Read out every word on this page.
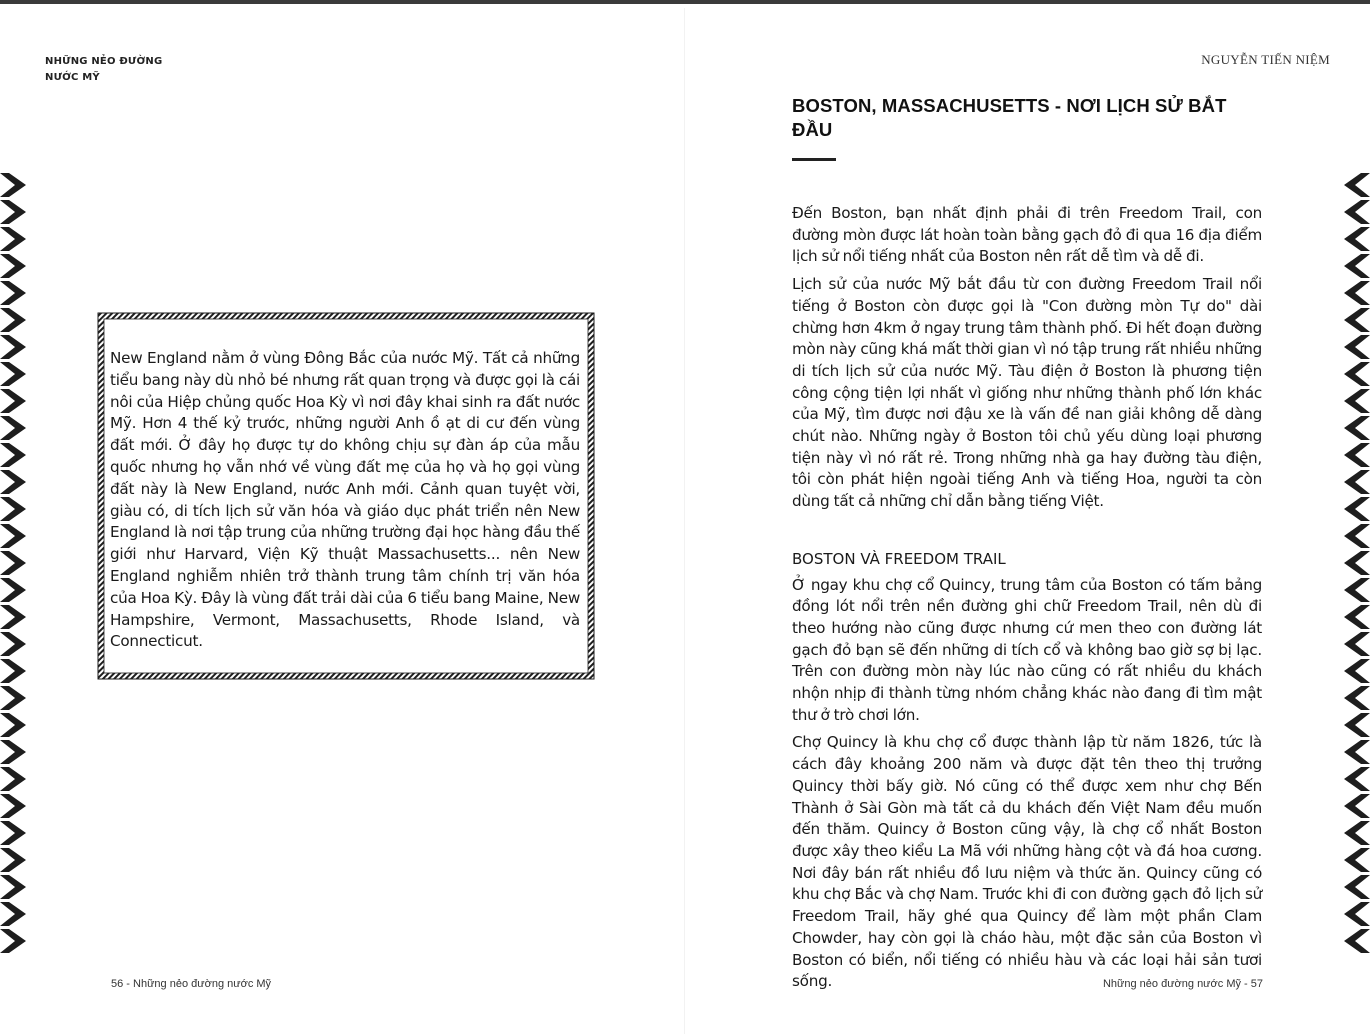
NHỮNG NẺO ĐƯỜNG
NƯỚC MỸ
New England nằm ở vùng Đông Bắc của nước Mỹ. Tất cả những tiểu bang này dù nhỏ bé nhưng rất quan trọng và được gọi là cái nôi của Hiệp chủng quốc Hoa Kỳ vì nơi đây khai sinh ra đất nước Mỹ. Hơn 4 thế kỷ trước, những người Anh ồ ạt di cư đến vùng đất mới. Ở đây họ được tự do không chịu sự đàn áp của mẫu quốc nhưng họ vẫn nhớ về vùng đất mẹ của họ và họ gọi vùng đất này là New England, nước Anh mới. Cảnh quan tuyệt vời, giàu có, di tích lịch sử văn hóa và giáo dục phát triển nên New England là nơi tập trung của những trường đại học hàng đầu thế giới như Harvard, Viện Kỹ thuật Massachusetts... nên New England nghiễm nhiên trở thành trung tâm chính trị văn hóa của Hoa Kỳ. Đây là vùng đất trải dài của 6 tiểu bang Maine, New Hampshire, Vermont, Massachusetts, Rhode Island, và Connecticut.
56 - Những nẻo đường nước Mỹ
NGUYỄN TIẾN NIỆM
BOSTON, MASSACHUSETTS - NƠI LỊCH SỬ BẮT ĐẦU

Đến Boston, bạn nhất định phải đi trên Freedom Trail, con đường mòn được lát hoàn toàn bằng gạch đỏ đi qua 16 địa điểm lịch sử nổi tiếng nhất của Boston nên rất dễ tìm và dễ đi.

Lịch sử của nước Mỹ bắt đầu từ con đường Freedom Trail nổi tiếng ở Boston còn được gọi là "Con đường mòn Tự do" dài chừng hơn 4km ở ngay trung tâm thành phố. Đi hết đoạn đường mòn này cũng khá mất thời gian vì nó tập trung rất nhiều những di tích lịch sử của nước Mỹ. Tàu điện ở Boston là phương tiện công cộng tiện lợi nhất vì giống như những thành phố lớn khác của Mỹ, tìm được nơi đậu xe là vấn đề nan giải không dễ dàng chút nào. Những ngày ở Boston tôi chủ yếu dùng loại phương tiện này vì nó rất rẻ. Trong những nhà ga hay đường tàu điện, tôi còn phát hiện ngoài tiếng Anh và tiếng Hoa, người ta còn dùng tất cả những chỉ dẫn bằng tiếng Việt.

BOSTON VÀ FREEDOM TRAIL

Ở ngay khu chợ cổ Quincy, trung tâm của Boston có tấm bảng đồng lót nổi trên nền đường ghi chữ Freedom Trail, nên dù đi theo hướng nào cũng được nhưng cứ men theo con đường lát gạch đỏ bạn sẽ đến những di tích cổ và không bao giờ sợ bị lạc. Trên con đường mòn này lúc nào cũng có rất nhiều du khách nhộn nhịp đi thành từng nhóm chẳng khác nào đang đi tìm mật thư ở trò chơi lớn.

Chợ Quincy là khu chợ cổ được thành lập từ năm 1826, tức là cách đây khoảng 200 năm và được đặt tên theo thị trưởng Quincy thời bấy giờ. Nó cũng có thể được xem như chợ Bến Thành ở Sài Gòn mà tất cả du khách đến Việt Nam đều muốn đến thăm. Quincy ở Boston cũng vậy, là chợ cổ nhất Boston được xây theo kiểu La Mã với những hàng cột và đá hoa cương. Nơi đây bán rất nhiều đồ lưu niệm và thức ăn. Quincy cũng có khu chợ Bắc và chợ Nam. Trước khi đi con đường gạch đỏ lịch sử Freedom Trail, hãy ghé qua Quincy để làm một phần Clam Chowder, hay còn gọi là cháo hàu, một đặc sản của Boston vì Boston có biển, nổi tiếng có nhiều hàu và các loại hải sản tươi sống.	Những nẻo đường nước Mỹ - 57
